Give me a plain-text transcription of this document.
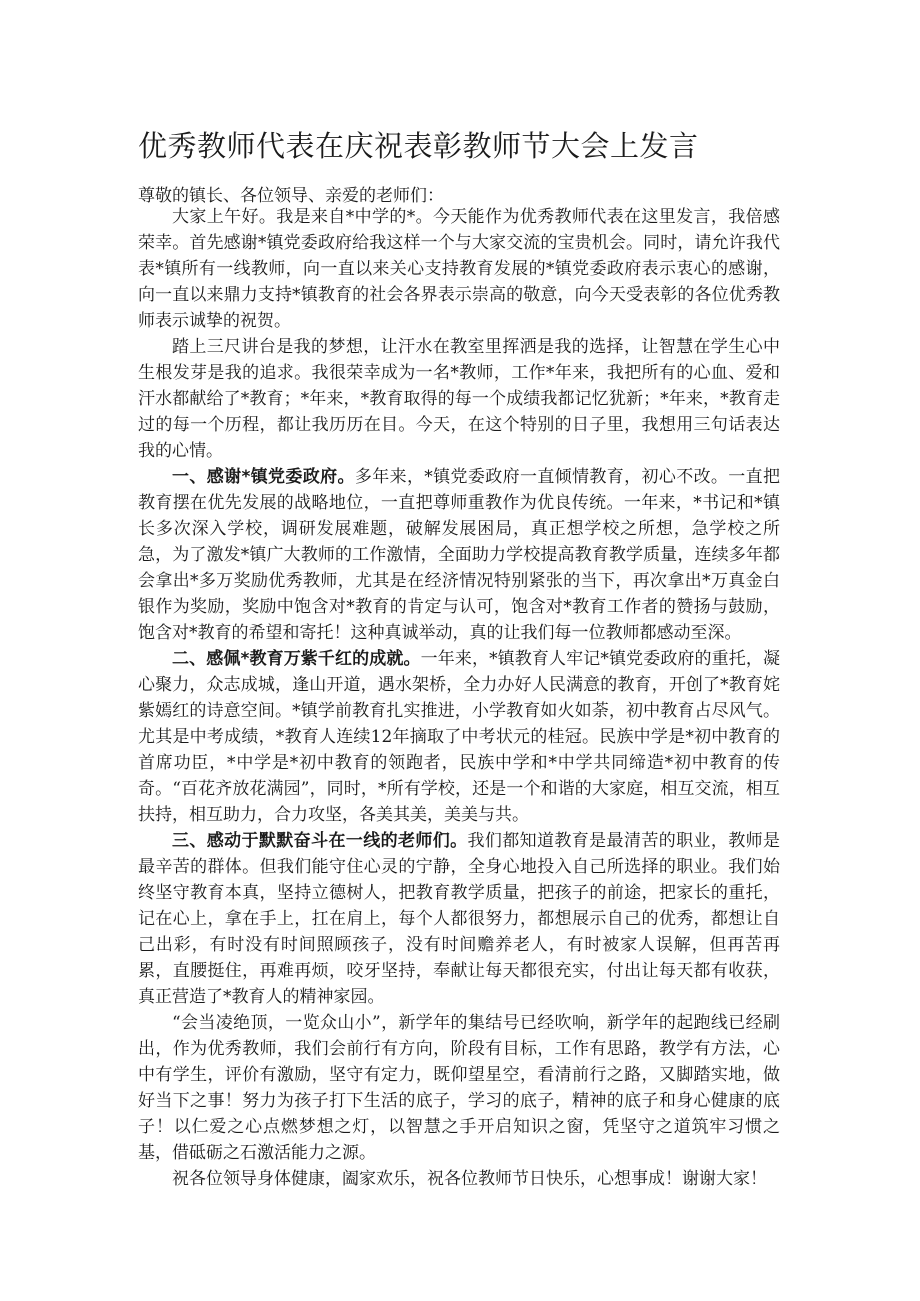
优秀教师代表在庆祝表彰教师节大会上发言

尊敬的镇长、各位领导、亲爱的老师们：

大家上午好。我是来自*中学的*。今天能作为优秀教师代表在这里发言，我倍感荣幸。首先感谢*镇党委政府给我这样一个与大家交流的宝贵机会。同时，请允许我代表*镇所有一线教师，向一直以来关心支持教育发展的*镇党委政府表示衷心的感谢，向一直以来鼎力支持*镇教育的社会各界表示崇高的敬意，向今天受表彰的各位优秀教师表示诚挚的祝贺。

踏上三尺讲台是我的梦想，让汗水在教室里挥洒是我的选择，让智慧在学生心中生根发芽是我的追求。我很荣幸成为一名*教师，工作*年来，我把所有的心血、爱和汗水都献给了*教育；*年来，*教育取得的每一个成绩我都记忆犹新；*年来，*教育走过的每一个历程，都让我历历在目。今天，在这个特别的日子里，我想用三句话表达我的心情。

一、感谢*镇党委政府。多年来，*镇党委政府一直倾情教育，初心不改。一直把教育摆在优先发展的战略地位，一直把尊师重教作为优良传统。一年来，*书记和*镇长多次深入学校，调研发展难题，破解发展困局，真正想学校之所想，急学校之所急，为了激发*镇广大教师的工作激情，全面助力学校提高教育教学质量，连续多年都会拿出*多万奖励优秀教师，尤其是在经济情况特别紧张的当下，再次拿出*万真金白银作为奖励，奖励中饱含对*教育的肯定与认可，饱含对*教育工作者的赞扬与鼓励，饱含对*教育的希望和寄托！这种真诚举动，真的让我们每一位教师都感动至深。

二、感佩*教育万紫千红的成就。一年来，*镇教育人牢记*镇党委政府的重托，凝心聚力，众志成城，逢山开道，遇水架桥，全力办好人民满意的教育，开创了*教育姹紫嫣红的诗意空间。*镇学前教育扎实推进，小学教育如火如荼，初中教育占尽风气。尤其是中考成绩，*教育人连续12年摘取了中考状元的桂冠。民族中学是*初中教育的首席功臣，*中学是*初中教育的领跑者，民族中学和*中学共同缔造*初中教育的传奇。“百花齐放花满园”，同时，*所有学校，还是一个和谐的大家庭，相互交流，相互扶持，相互助力，合力攻坚，各美其美，美美与共。

三、感动于默默奋斗在一线的老师们。我们都知道教育是最清苦的职业，教师是最辛苦的群体。但我们能守住心灵的宁静，全身心地投入自己所选择的职业。我们始终坚守教育本真，坚持立德树人，把教育教学质量，把孩子的前途，把家长的重托，记在心上，拿在手上，扛在肩上，每个人都很努力，都想展示自己的优秀，都想让自己出彩，有时没有时间照顾孩子，没有时间赡养老人，有时被家人误解，但再苦再累，直腰挺住，再难再烦，咬牙坚持，奉献让每天都很充实，付出让每天都有收获，真正营造了*教育人的精神家园。

“会当凌绝顶，一览众山小”，新学年的集结号已经吹响，新学年的起跑线已经刷出，作为优秀教师，我们会前行有方向，阶段有目标，工作有思路，教学有方法，心中有学生，评价有激励，坚守有定力，既仰望星空，看清前行之路，又脚踏实地，做好当下之事！努力为孩子打下生活的底子，学习的底子，精神的底子和身心健康的底子！以仁爱之心点燃梦想之灯，以智慧之手开启知识之窗，凭坚守之道筑牢习惯之基，借砥砺之石激活能力之源。

祝各位领导身体健康，阖家欢乐，祝各位教师节日快乐，心想事成！谢谢大家！
